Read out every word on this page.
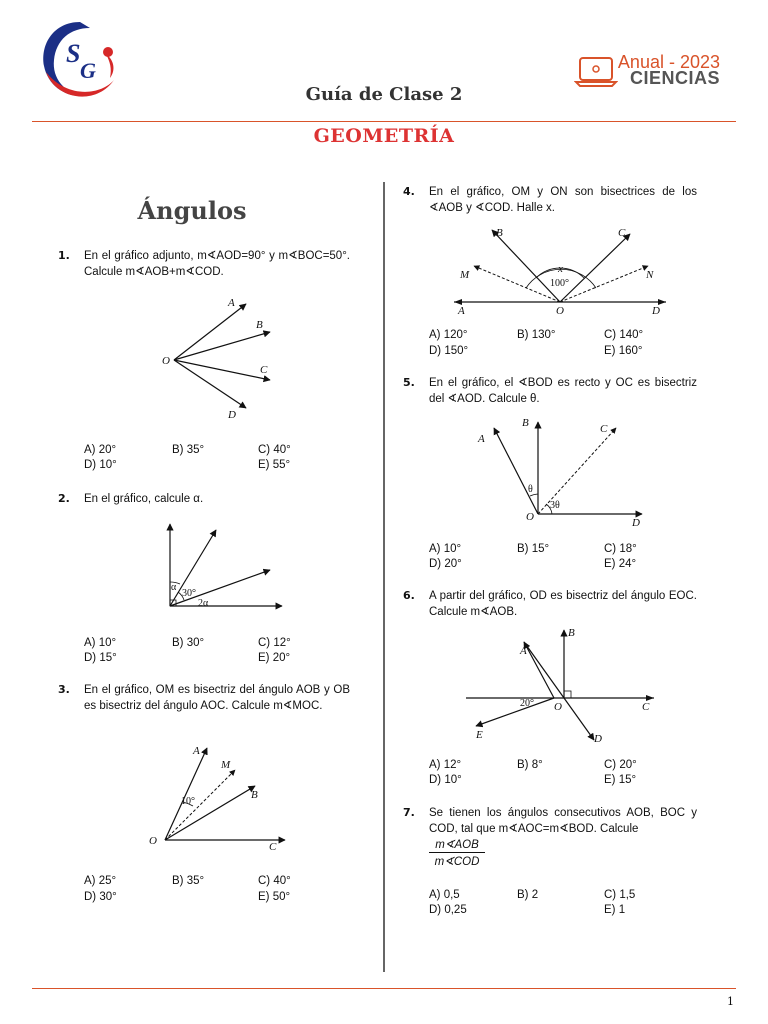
S
G	Anual - 2023
CIENCIAS
Guía de Clase 2
GEOMETRÍA
1
Ángulos
1. En el gráfico adjunto, m∢AOD=90° y m∢BOC=50°. Calcule m∢AOB+m∢COD.
A
B
C
D
O
A) 20°	B) 35°	C) 40°
D) 10°	E) 55°
2. En el gráfico, calcule α.
α
30°
2α
A) 10°	B) 30°	C) 12°
D) 15°	E) 20°
3. En el gráfico, OM es bisectriz del ángulo AOB y OB es bisectriz del ángulo AOC. Calcule m∢MOC.
A
M
B
10°
O	C
A) 25°	B) 35°	C) 40°
D) 30°	E) 50°
4. En el gráfico, OM y ON son bisectrices de los ∢AOB y ∢COD. Halle x.
B	C
M	N
x
100°
A	O	D
A) 120°	B) 130°	C) 140°
D) 150°	E) 160°
5. En el gráfico, el ∢BOD es recto y OC es bisectriz del ∢AOD. Calcule θ.
B
A
C
θ
3θ
O	D
A) 10°	B) 15°	C) 18°
D) 20°	E) 24°
6. A partir del gráfico, OD es bisectriz del ángulo EOC. Calcule m∢AOB.
B
A
20° O	C
E	D
A) 12°	B) 8°	C) 20°
D) 10°	E) 15°
7. Se tienen los ángulos consecutivos AOB, BOC y COD, tal que m∢AOC=m∢BOD. Calcule
m∢AOB
m∢COD
A) 0,5	B) 2	C) 1,5
D) 0,25	E) 1
